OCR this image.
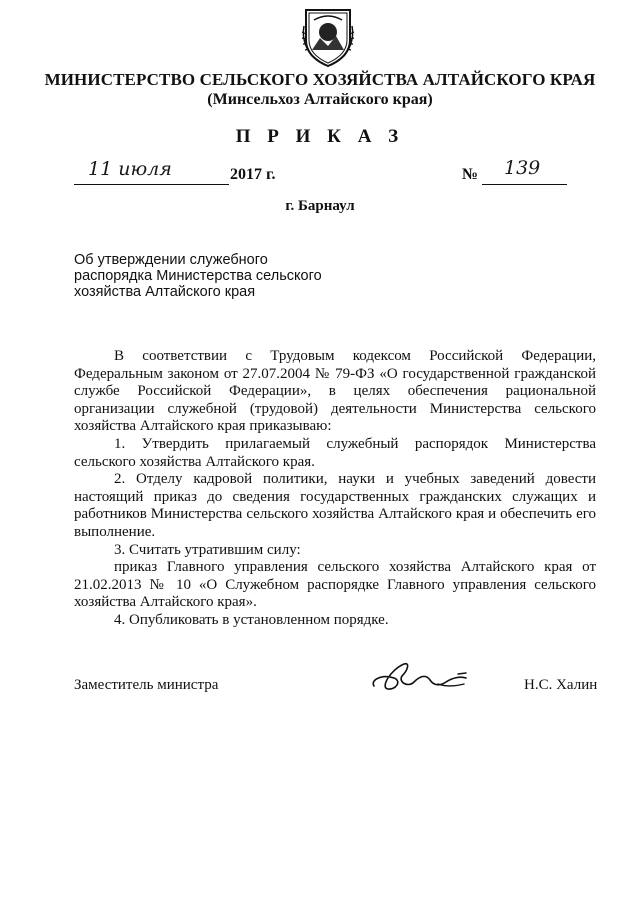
МИНИСТЕРСТВО СЕЛЬСКОГО ХОЗЯЙСТВА АЛТАЙСКОГО КРАЯ
(Минсельхоз Алтайского края)
П Р И К А З
11 июля	2017 г.	№ 139
г. Барнаул
Об утверждении служебного
распорядка Министерства сельского
хозяйства Алтайского края

В соответствии с Трудовым кодексом Российской Федерации, Федеральным законом от 27.07.2004 № 79-ФЗ «О государственной гражданской службе Российской Федерации», в целях обеспечения рациональной организации служебной (трудовой) деятельности Министерства сельского хозяйства Алтайского края приказываю:

1. Утвердить прилагаемый служебный распорядок Министерства сельского хозяйства Алтайского края.

2. Отделу кадровой политики, науки и учебных заведений довести настоящий приказ до сведения государственных гражданских служащих и работников Министерства сельского хозяйства Алтайского края и обеспечить его выполнение.

3. Считать утратившим силу:

приказ Главного управления сельского хозяйства Алтайского края от 21.02.2013 № 10 «О Служебном распорядке Главного управления сельского хозяйства Алтайского края».

4. Опубликовать в установленном порядке.

Заместитель министра	Н.С. Халин
